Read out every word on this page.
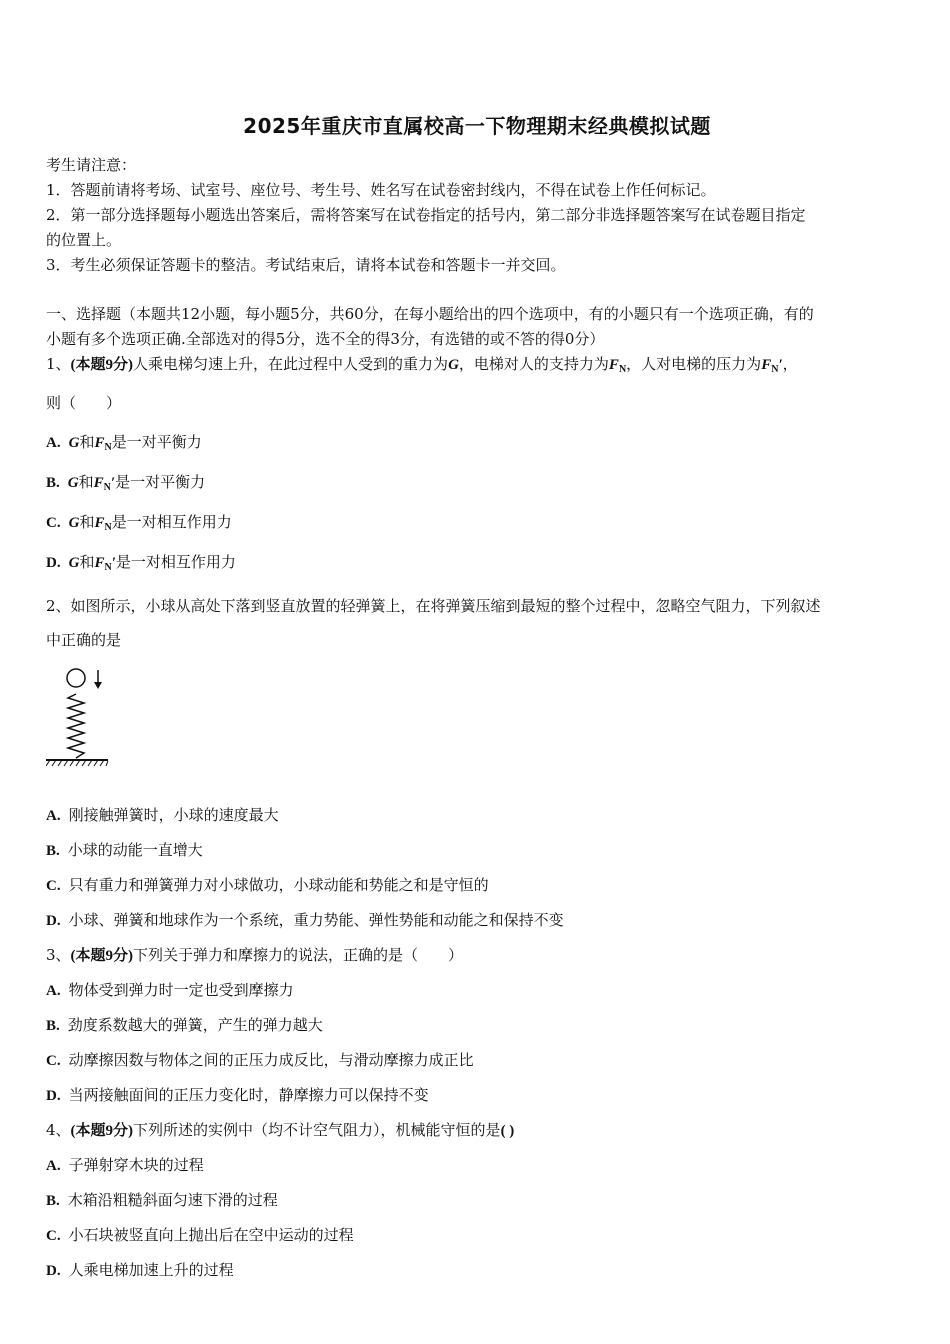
2025年重庆市直属校高一下物理期末经典模拟试题

考生请注意：

1．答题前请将考场、试室号、座位号、考生号、姓名写在试卷密封线内，不得在试卷上作任何标记。

2．第一部分选择题每小题选出答案后，需将答案写在试卷指定的括号内，第二部分非选择题答案写在试卷题目指定

的位置上。

3．考生必须保证答题卡的整洁。考试结束后，请将本试卷和答题卡一并交回。

一、选择题（本题共12小题，每小题5分，共60分，在每小题给出的四个选项中，有的小题只有一个选项正确，有的

小题有多个选项正确.全部选对的得5分，选不全的得3分，有选错的或不答的得0分）

1、(本题9分)人乘电梯匀速上升，在此过程中人受到的重力为G，电梯对人的支持力为$F_N$，人对电梯的压力为$F_N'$，

则（　　）

A. G和$F_N$是一对平衡力

B. G和$F_N'$是一对平衡力

C. G和$F_N$是一对相互作用力

D. G和$F_N'$是一对相互作用力

2、如图所示，小球从高处下落到竖直放置的轻弹簧上，在将弹簧压缩到最短的整个过程中，忽略空气阻力，下列叙述

中正确的是

A. 刚接触弹簧时，小球的速度最大

B. 小球的动能一直增大

C. 只有重力和弹簧弹力对小球做功，小球动能和势能之和是守恒的

D. 小球、弹簧和地球作为一个系统，重力势能、弹性势能和动能之和保持不变

3、(本题9分)下列关于弹力和摩擦力的说法，正确的是（　　）

A. 物体受到弹力时一定也受到摩擦力

B. 劲度系数越大的弹簧，产生的弹力越大

C. 动摩擦因数与物体之间的正压力成反比，与滑动摩擦力成正比

D. 当两接触面间的正压力变化时，静摩擦力可以保持不变

4、(本题9分)下列所述的实例中（均不计空气阻力），机械能守恒的是( )

A. 子弹射穿木块的过程

B. 木箱沿粗糙斜面匀速下滑的过程

C. 小石块被竖直向上抛出后在空中运动的过程

D. 人乘电梯加速上升的过程
